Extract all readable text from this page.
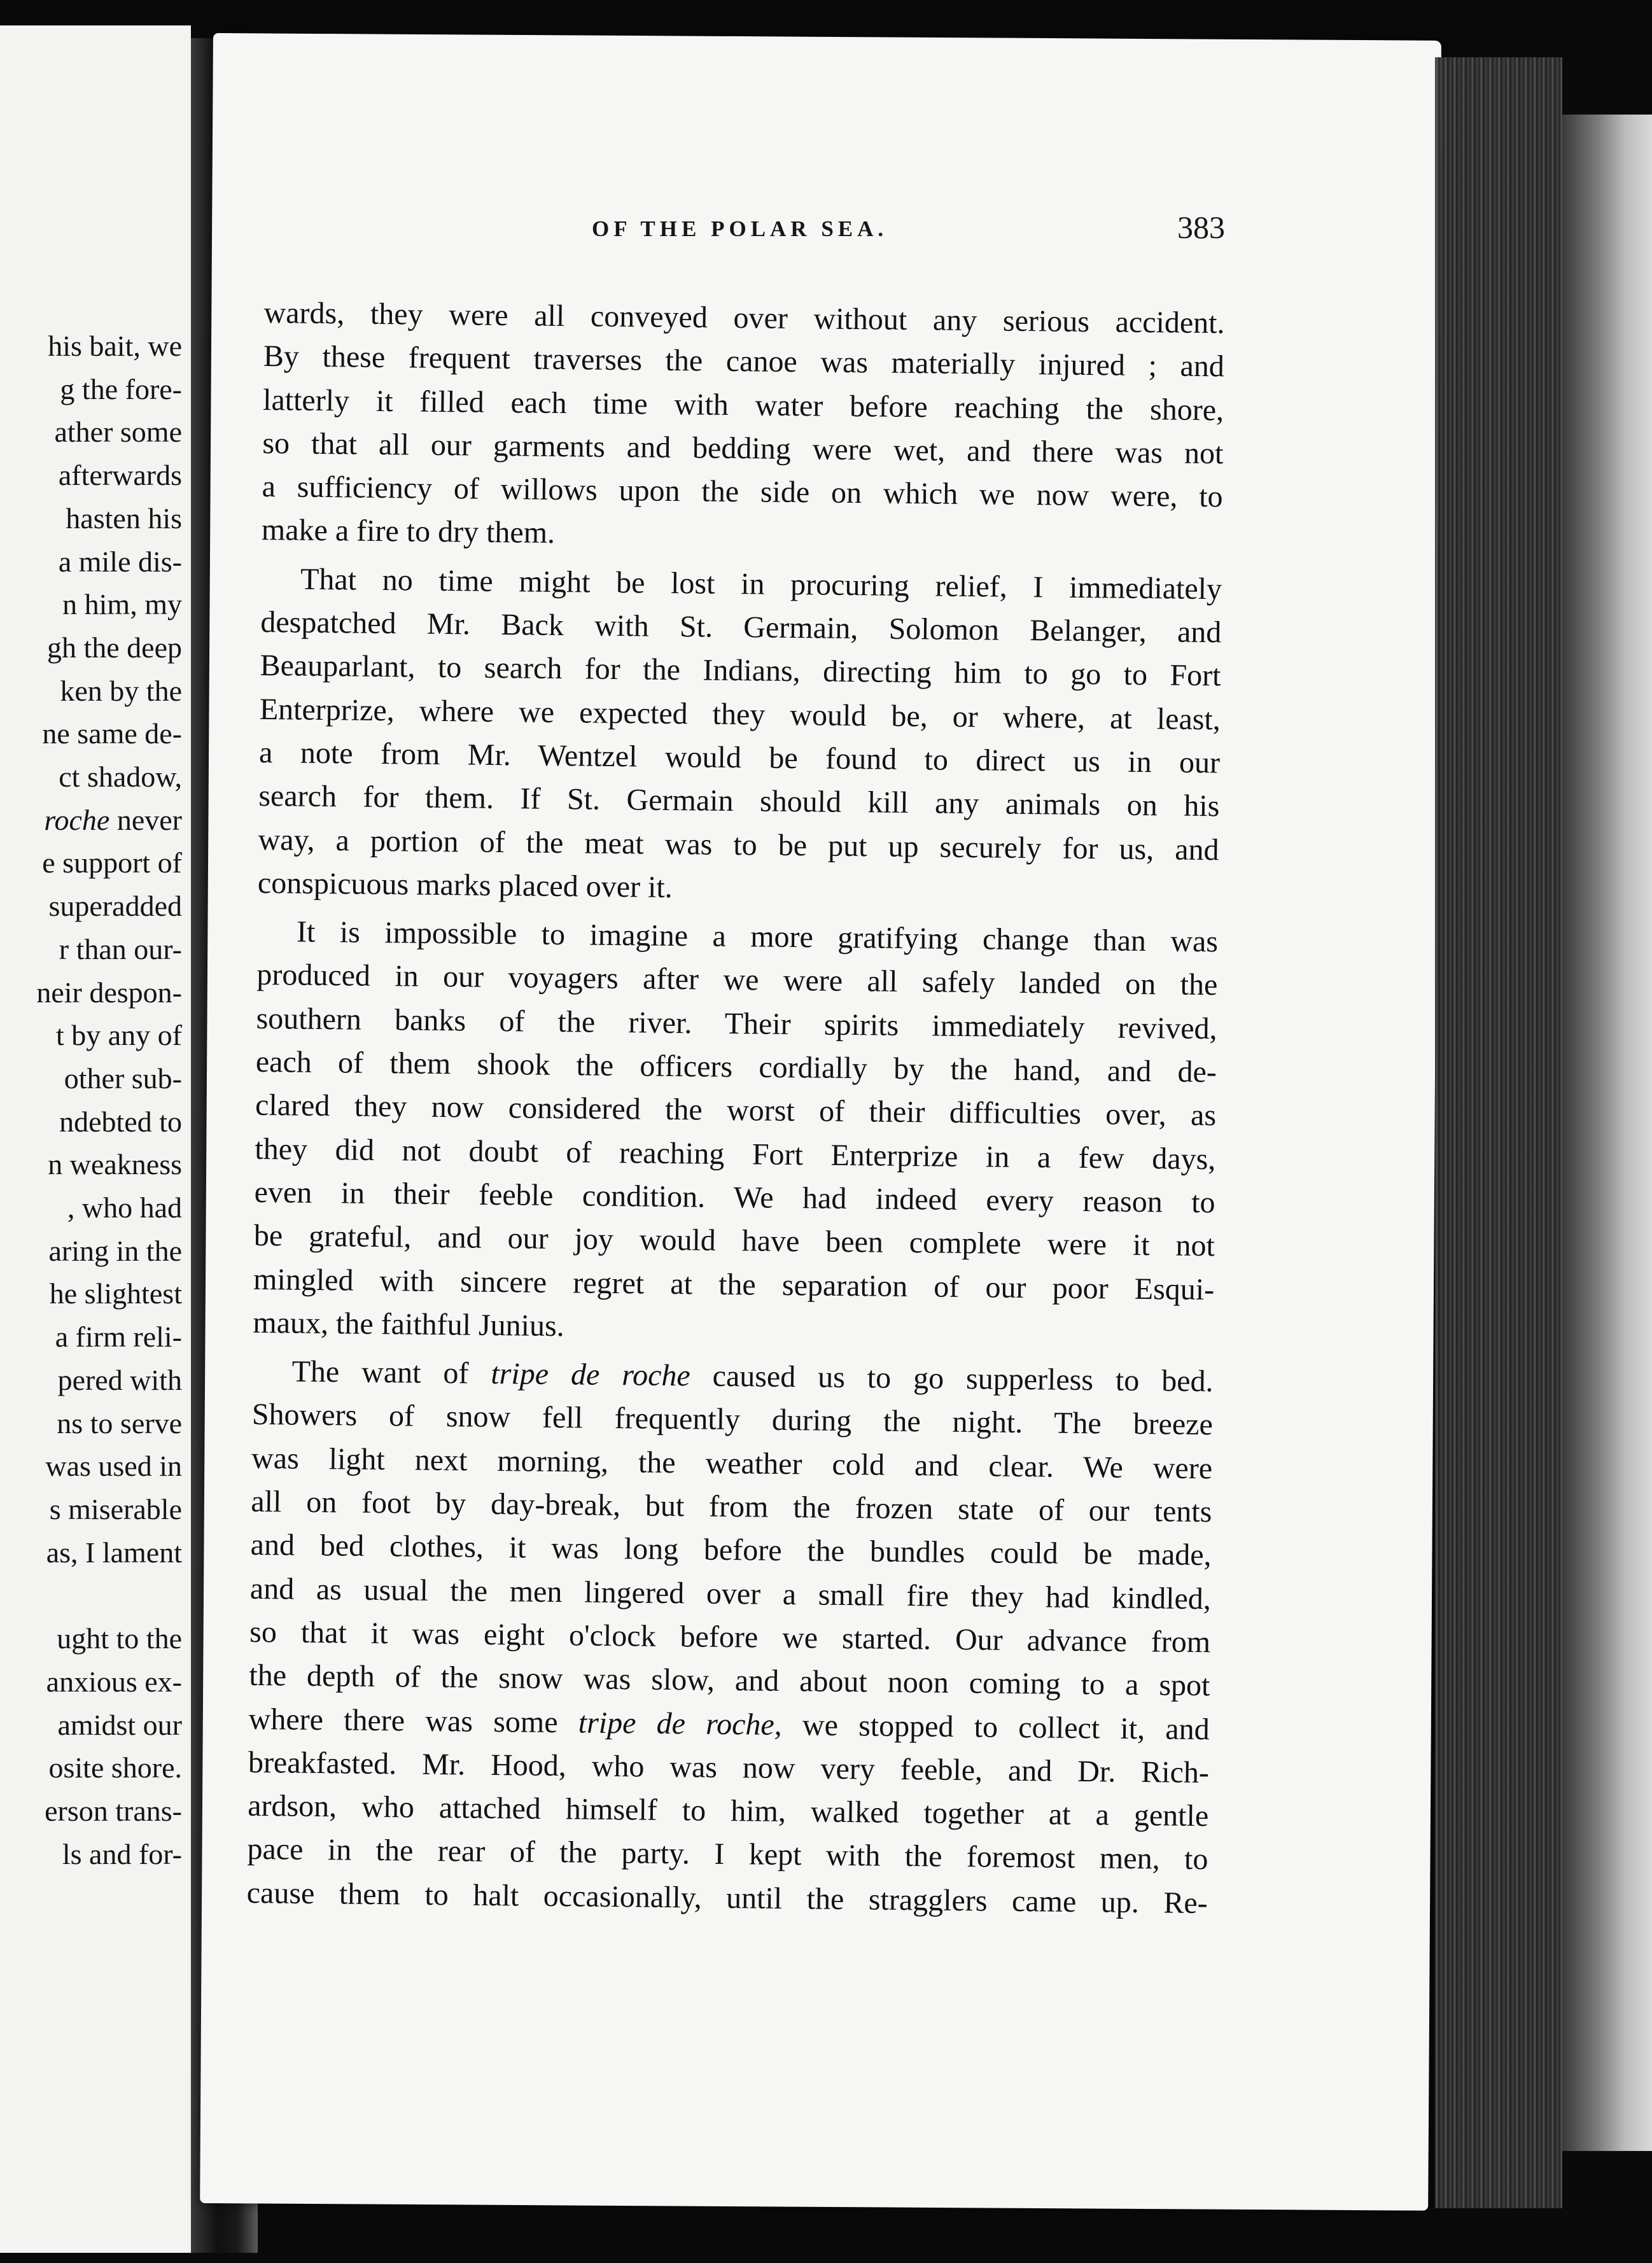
his bait, we
g the fore-
ather some
afterwards
hasten his
a mile dis-
n him, my
gh the deep
ken by the
ne same de-
ct shadow,
roche never
e support of
superadded
r than our-
neir despon-
t by any of
other sub-
ndebted to
n weakness
, who had
aring in the
he slightest
a firm reli-
pered with
ns to serve
was used in
s miserable
as, I lament

ught to the
anxious ex-
amidst our
osite shore.
erson trans-
ls and for-
OF THE POLAR SEA.	383
wards, they were all conveyed over without any serious accident.
By these frequent traverses the canoe was materially injured ; and
latterly it filled each time with water before reaching the shore,
so that all our garments and bedding were wet, and there was not
a sufficiency of willows upon the side on which we now were, to
make a fire to dry them.
That no time might be lost in procuring relief, I immediately
despatched Mr. Back with St. Germain, Solomon Belanger, and
Beauparlant, to search for the Indians, directing him to go to Fort
Enterprize, where we expected they would be, or where, at least,
a note from Mr. Wentzel would be found to direct us in our
search for them. If St. Germain should kill any animals on his
way, a portion of the meat was to be put up securely for us, and
conspicuous marks placed over it.
It is impossible to imagine a more gratifying change than was
produced in our voyagers after we were all safely landed on the
southern banks of the river. Their spirits immediately revived,
each of them shook the officers cordially by the hand, and de-
clared they now considered the worst of their difficulties over, as
they did not doubt of reaching Fort Enterprize in a few days,
even in their feeble condition. We had indeed every reason to
be grateful, and our joy would have been complete were it not
mingled with sincere regret at the separation of our poor Esqui-
maux, the faithful Junius.
The want of tripe de roche caused us to go supperless to bed.
Showers of snow fell frequently during the night. The breeze
was light next morning, the weather cold and clear. We were
all on foot by day-break, but from the frozen state of our tents
and bed clothes, it was long before the bundles could be made,
and as usual the men lingered over a small fire they had kindled,
so that it was eight o'clock before we started. Our advance from
the depth of the snow was slow, and about noon coming to a spot
where there was some tripe de roche, we stopped to collect it, and
breakfasted. Mr. Hood, who was now very feeble, and Dr. Rich-
ardson, who attached himself to him, walked together at a gentle
pace in the rear of the party. I kept with the foremost men, to
cause them to halt occasionally, until the stragglers came up. Re-
